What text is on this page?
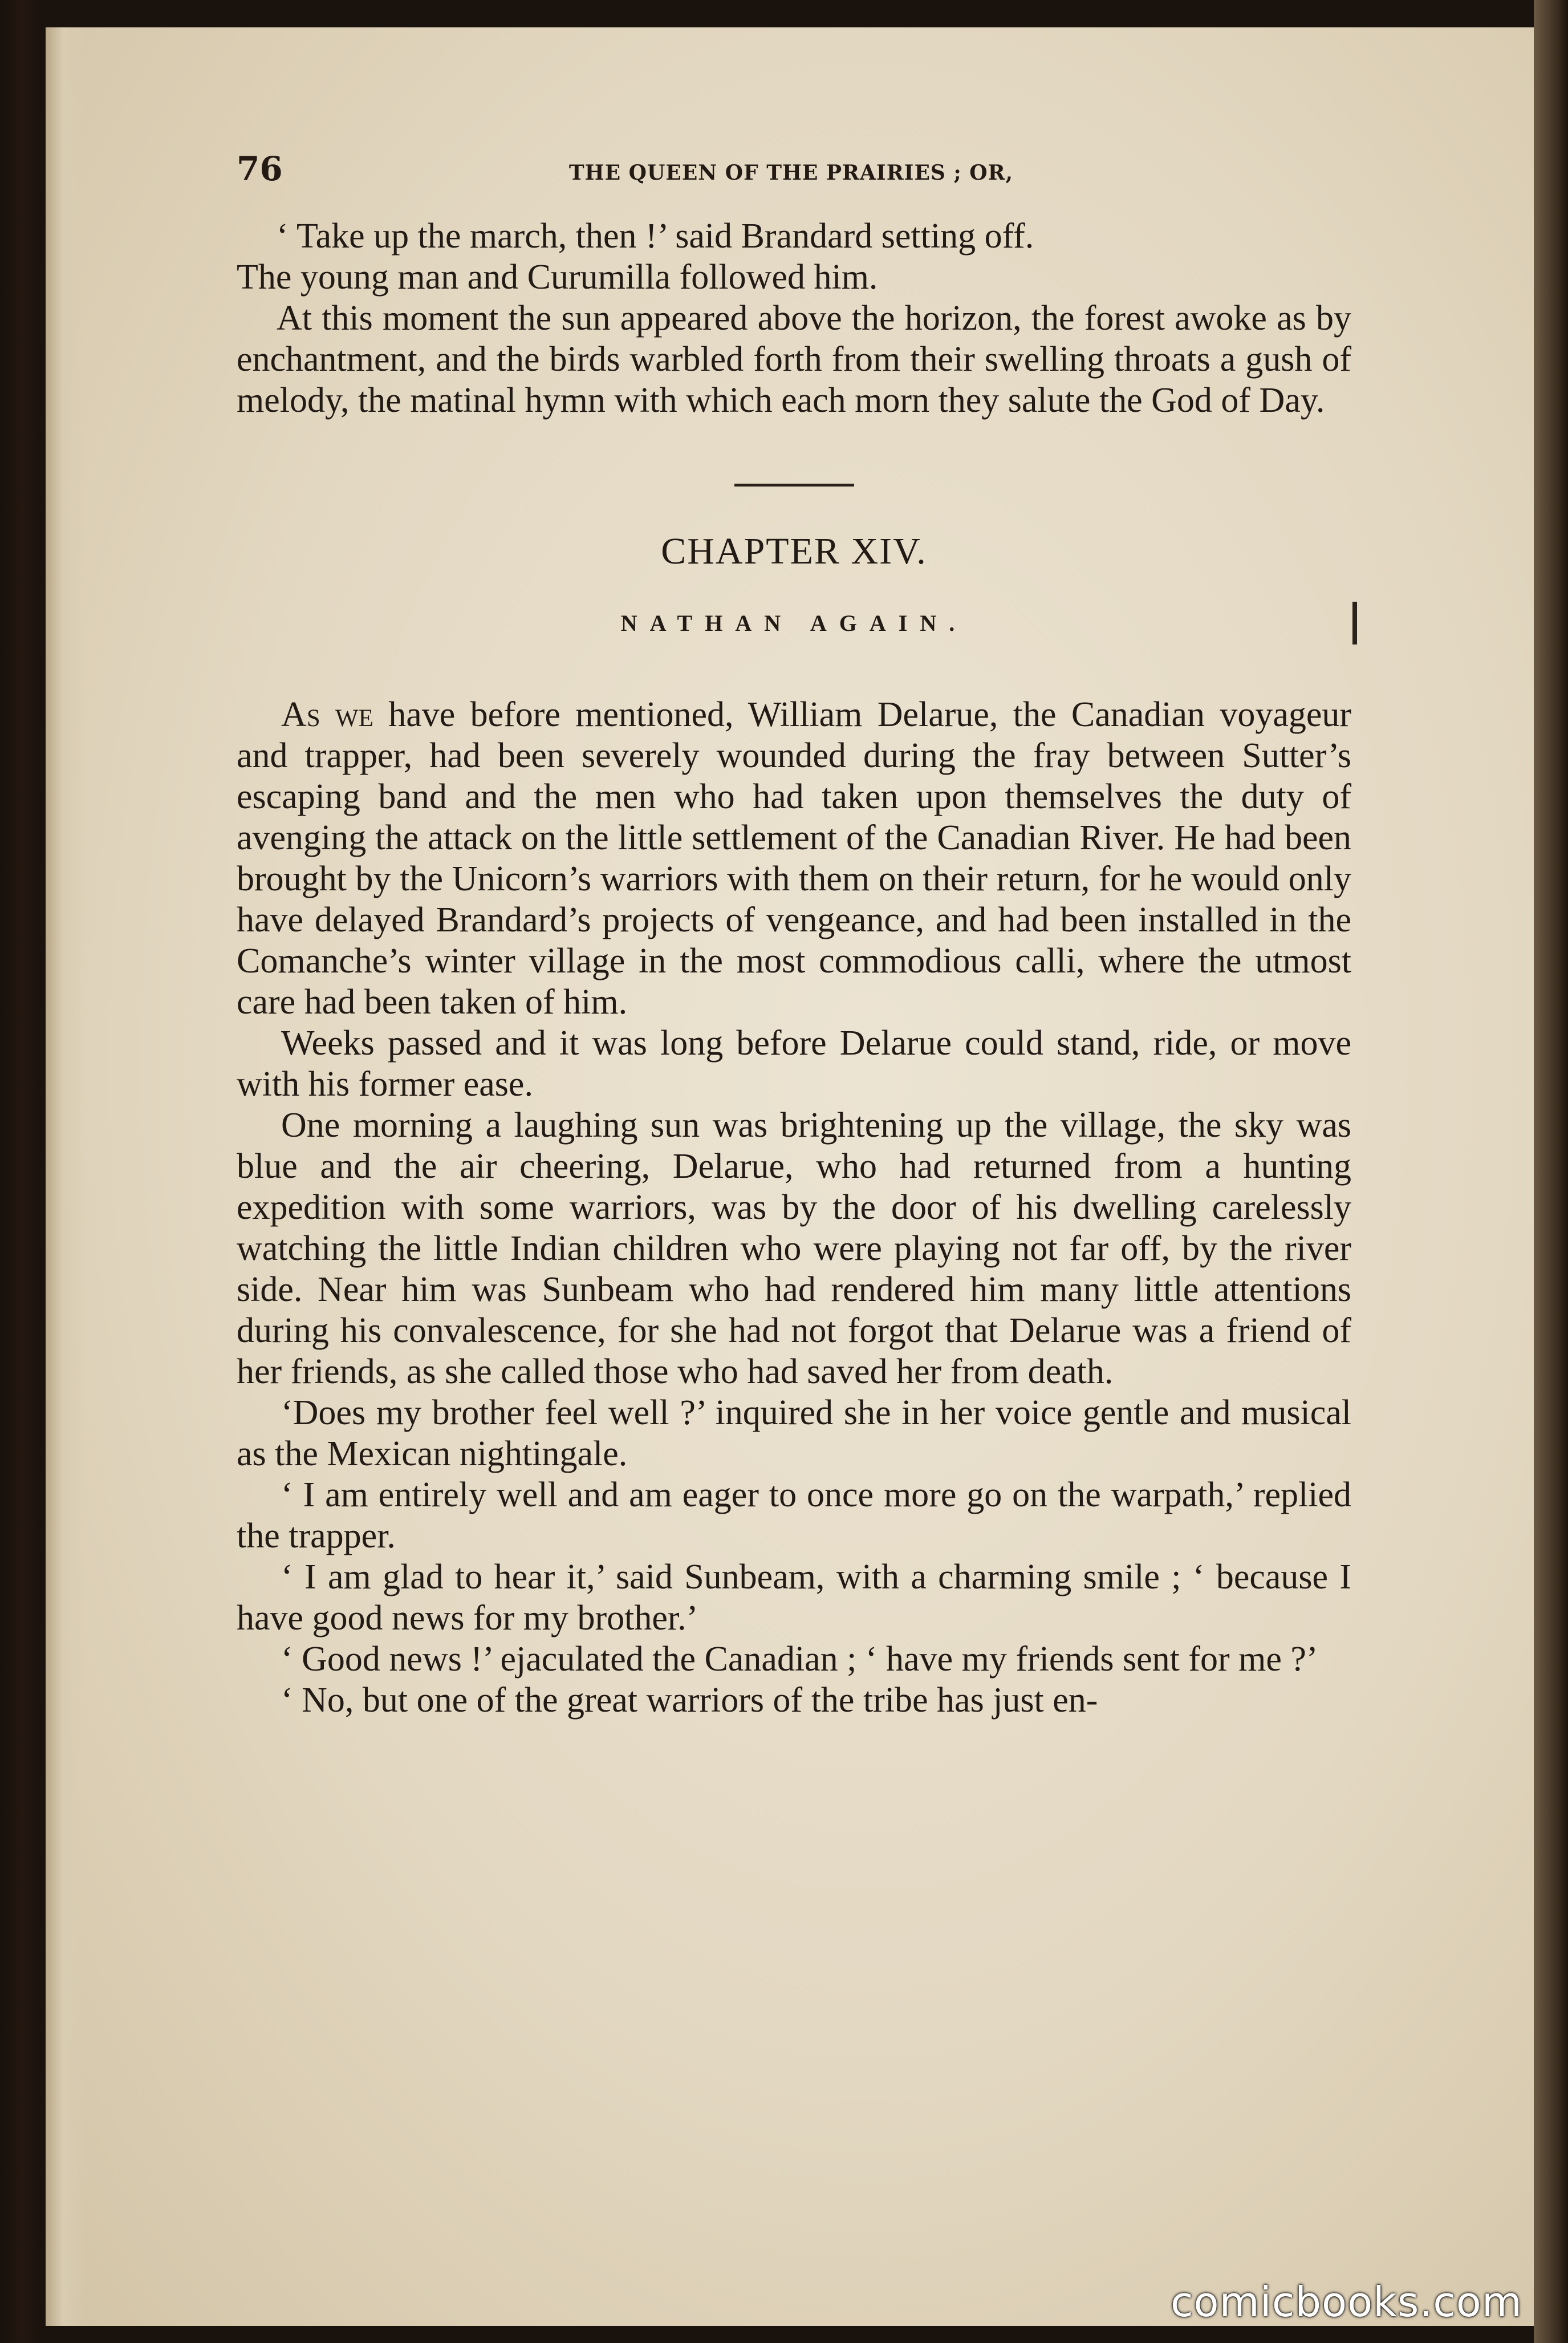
76	THE QUEEN OF THE PRAIRIES ; OR,

‘ Take up the march, then !’ said Brandard setting off.

The young man and Curumilla followed him.

At this moment the sun appeared above the horizon, the forest awoke as by enchantment, and the birds warbled forth from their swelling throats a gush of melody, the matinal hymn with which each morn they salute the God of Day.

CHAPTER XIV.
NATHAN AGAIN.

As we have before mentioned, William Delarue, the Canadian voyageur and trapper, had been severely wounded during the fray between Sutter’s escaping band and the men who had taken upon themselves the duty of avenging the attack on the little settlement of the Canadian River. He had been brought by the Unicorn’s warriors with them on their return, for he would only have delayed Brandard’s projects of vengeance, and had been installed in the Comanche’s winter village in the most commodious calli, where the utmost care had been taken of him.

Weeks passed and it was long before Delarue could stand, ride, or move with his former ease.

One morning a laughing sun was brightening up the village, the sky was blue and the air cheering, Delarue, who had returned from a hunting expedition with some warriors, was by the door of his dwelling carelessly watching the little Indian children who were playing not far off, by the river side. Near him was Sunbeam who had rendered him many little attentions during his convalescence, for she had not forgot that Delarue was a friend of her friends, as she called those who had saved her from death.

‘Does my brother feel well ?’ inquired she in her voice gentle and musical as the Mexican nightingale.

‘ I am entirely well and am eager to once more go on the warpath,’ replied the trapper.

‘ I am glad to hear it,’ said Sunbeam, with a charming smile ; ‘ because I have good news for my brother.’

‘ Good news !’ ejaculated the Canadian ; ‘ have my friends sent for me ?’

‘ No, but one of the great warriors of the tribe has just en-

comicbooks.com
